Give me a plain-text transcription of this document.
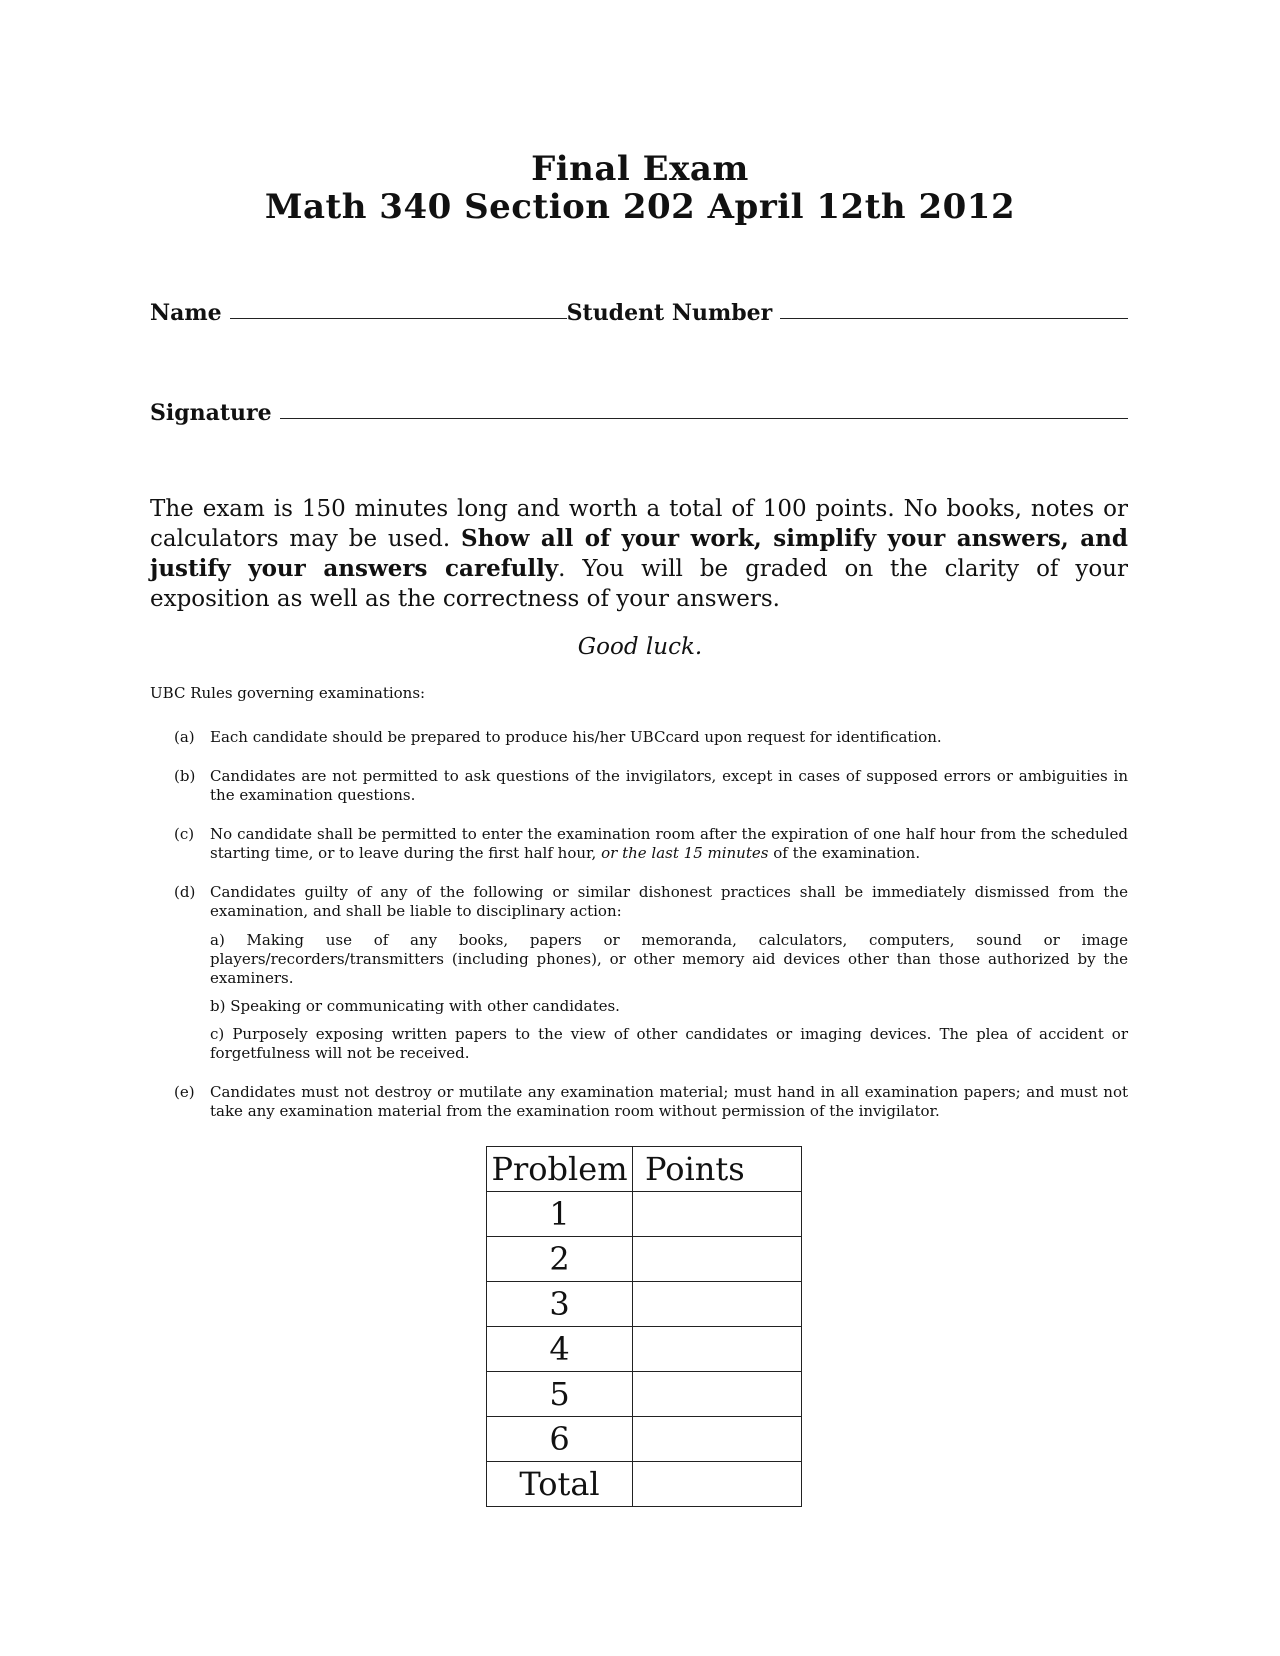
Final Exam
Math 340 Section 202 April 12th 2012
Name	Student Number
Signature
The exam is 150 minutes long and worth a total of 100 points. No books, notes or calculators may be used. Show all of your work, simplify your answers, and justify your answers carefully. You will be graded on the clarity of your exposition as well as the correctness of your answers.
Good luck.
UBC Rules governing examinations:
(a) Each candidate should be prepared to produce his/her UBCcard upon request for identification.
(b) Candidates are not permitted to ask questions of the invigilators, except in cases of supposed errors or ambiguities in the examination questions.
(c) No candidate shall be permitted to enter the examination room after the expiration of one half hour from the scheduled starting time, or to leave during the first half hour, or the last 15 minutes of the examination.
(d) Candidates guilty of any of the following or similar dishonest practices shall be immediately dismissed from the examination, and shall be liable to disciplinary action:
a) Making use of any books, papers or memoranda, calculators, computers, sound or image players/recorders/transmitters (including phones), or other memory aid devices other than those authorized by the examiners.
b) Speaking or communicating with other candidates.
c) Purposely exposing written papers to the view of other candidates or imaging devices. The plea of accident or forgetfulness will not be received.
(e) Candidates must not destroy or mutilate any examination material; must hand in all examination papers; and must not take any examination material from the examination room without permission of the invigilator.
Problem	Points
1	
2	
3	
4	
5	
6	
Total	
